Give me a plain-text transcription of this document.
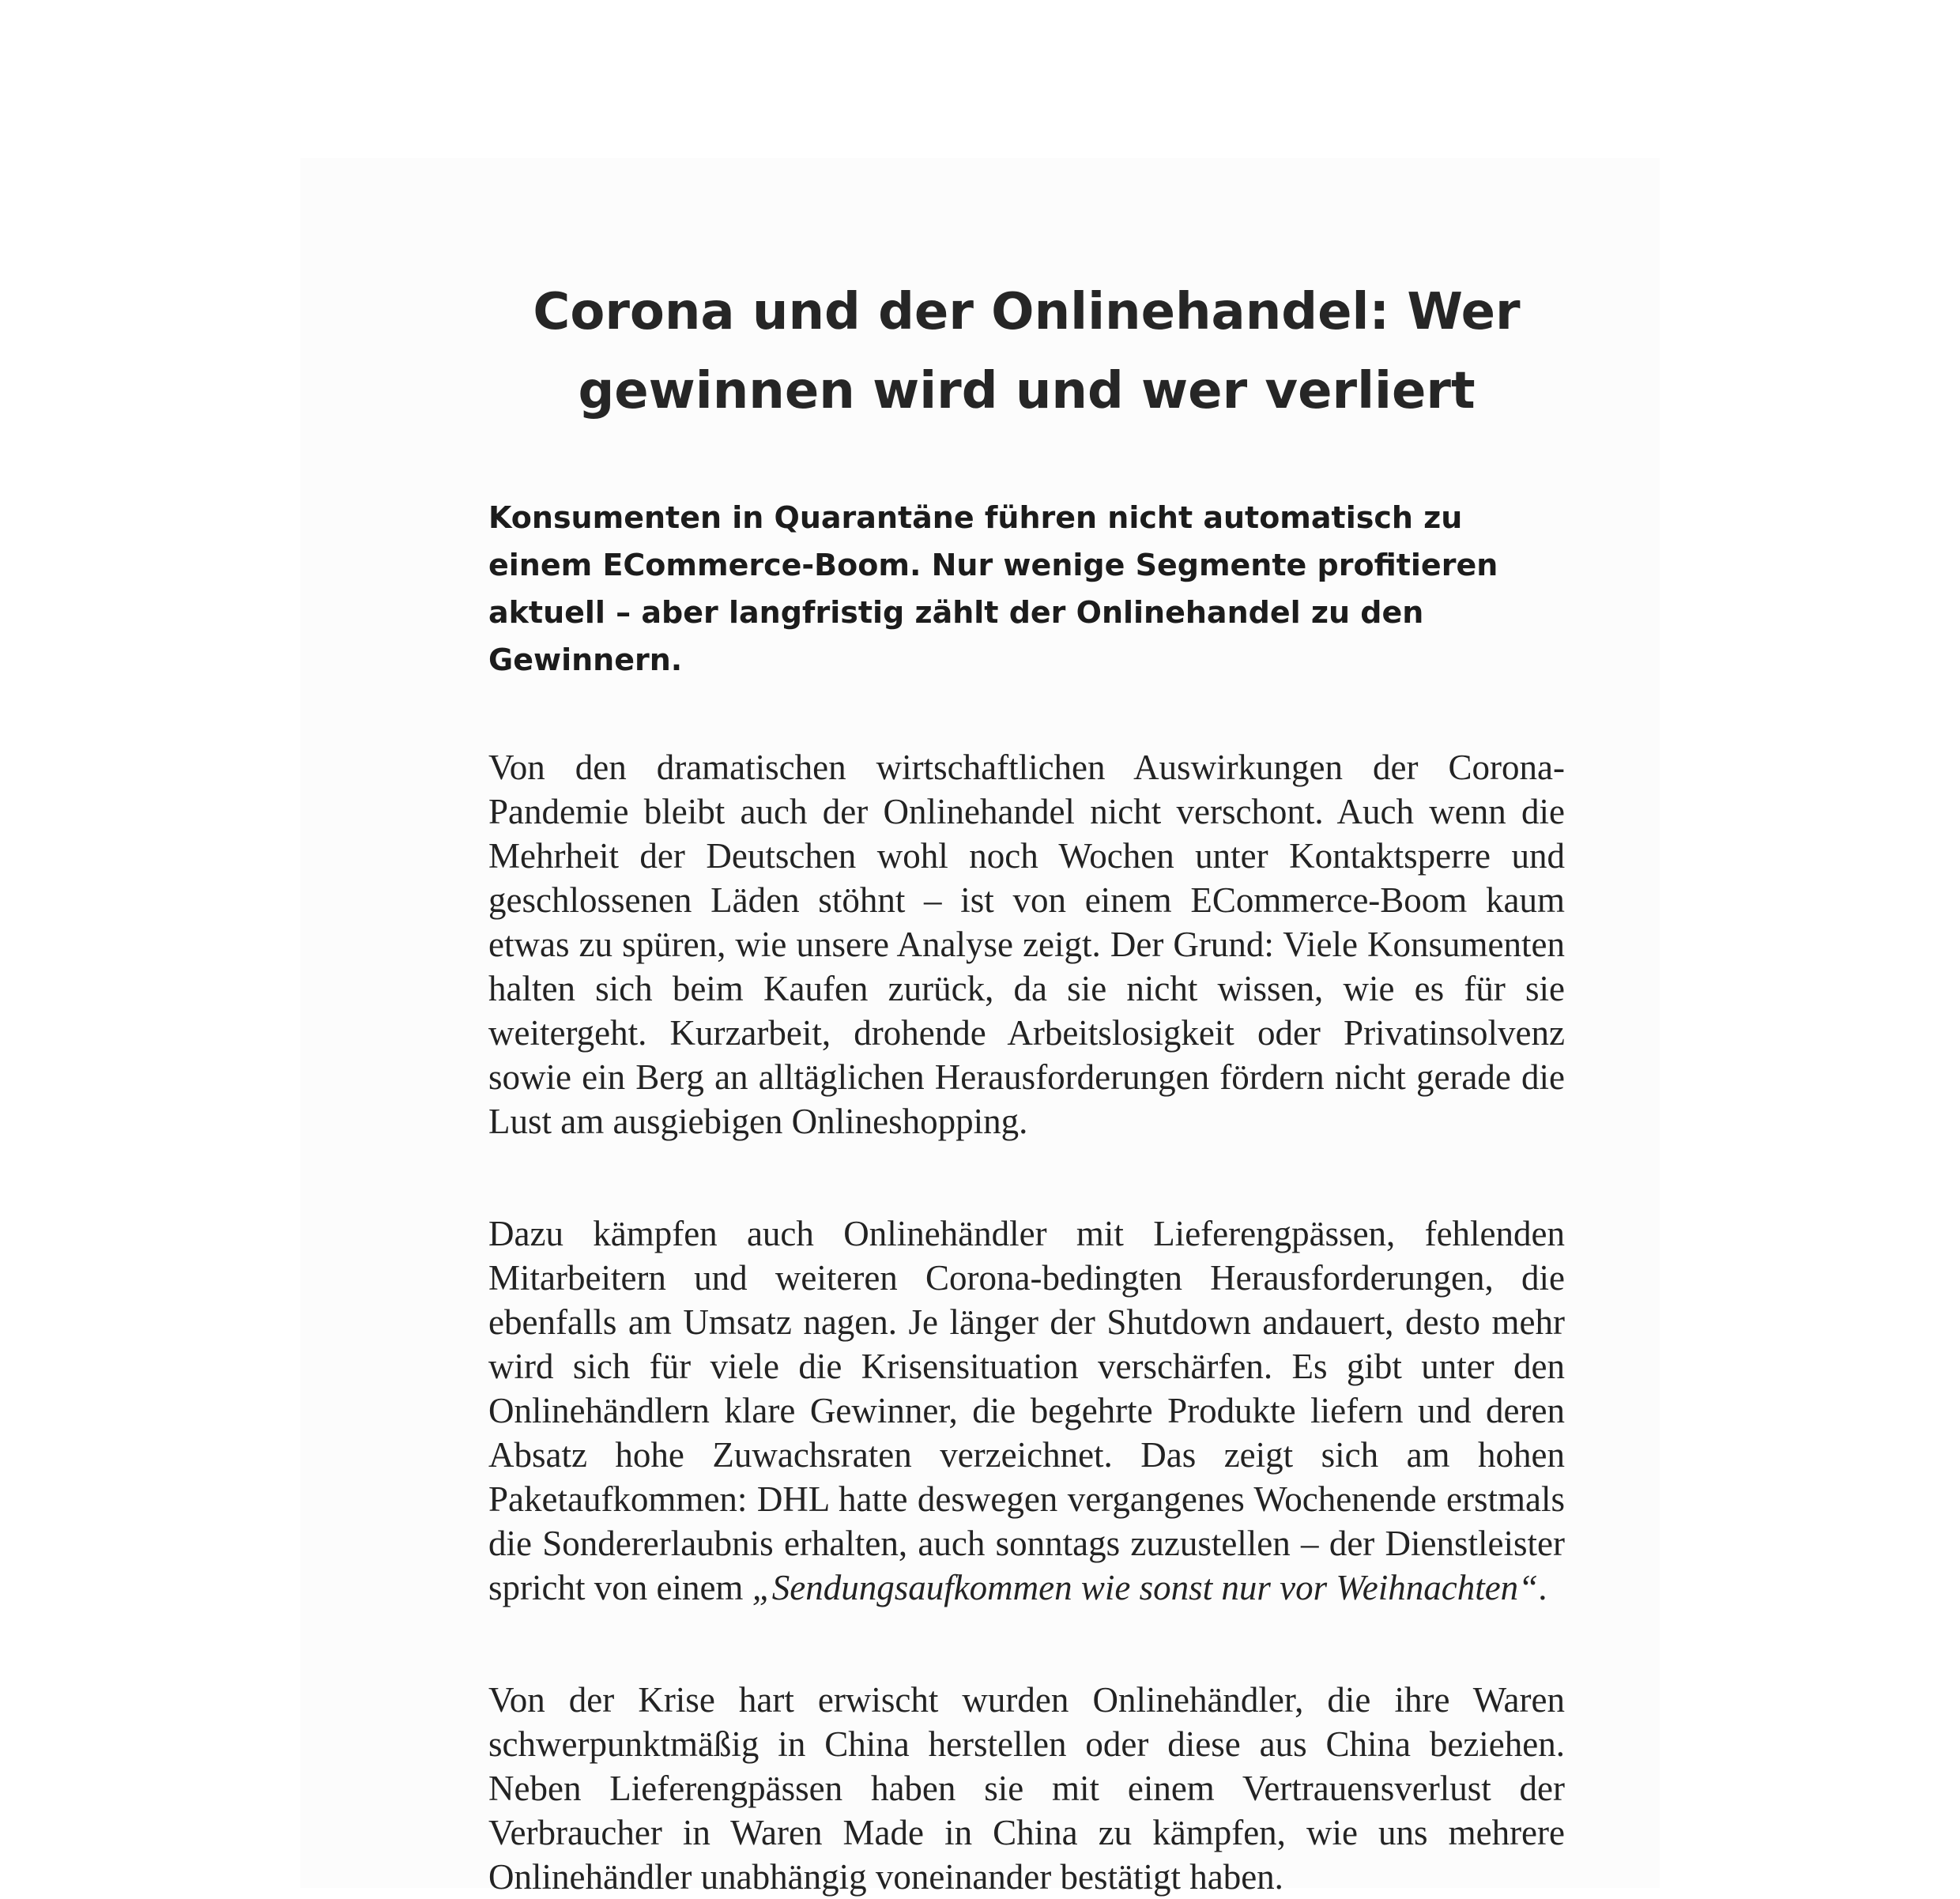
Corona und der Onlinehandel: Wer gewinnen wird und wer verliert

Konsumenten in Quarantäne führen nicht automatisch zu einem ECommerce-Boom. Nur wenige Segmente profitieren aktuell – aber langfristig zählt der Onlinehandel zu den Gewinnern.

Von den dramatischen wirtschaftlichen Auswirkungen der Corona-Pandemie bleibt auch der Onlinehandel nicht verschont. Auch wenn die Mehrheit der Deutschen wohl noch Wochen unter Kontaktsperre und geschlossenen Läden stöhnt – ist von einem ECommerce-Boom kaum etwas zu spüren, wie unsere Analyse zeigt. Der Grund: Viele Konsumenten halten sich beim Kaufen zurück, da sie nicht wissen, wie es für sie weitergeht. Kurzarbeit, drohende Arbeitslosigkeit oder Privatinsolvenz sowie ein Berg an alltäglichen Herausforderungen fördern nicht gerade die Lust am ausgiebigen Onlineshopping.

Dazu kämpfen auch Onlinehändler mit Lieferengpässen, fehlenden Mitarbeitern und weiteren Corona-bedingten Herausforderungen, die ebenfalls am Umsatz nagen. Je länger der Shutdown andauert, desto mehr wird sich für viele die Krisensituation verschärfen. Es gibt unter den Onlinehändlern klare Gewinner, die begehrte Produkte liefern und deren Absatz hohe Zuwachsraten verzeichnet. Das zeigt sich am hohen Paketaufkommen: DHL hatte deswegen vergangenes Wochenende erstmals die Sondererlaubnis erhalten, auch sonntags zuzustellen – der Dienstleister spricht von einem „Sendungsaufkommen wie sonst nur vor Weihnachten“.

Von der Krise hart erwischt wurden Onlinehändler, die ihre Waren schwerpunktmäßig in China herstellen oder diese aus China beziehen. Neben Lieferengpässen haben sie mit einem Vertrauensverlust der Verbraucher in Waren Made in China zu kämpfen, wie uns mehrere Onlinehändler unabhängig voneinander bestätigt haben.
